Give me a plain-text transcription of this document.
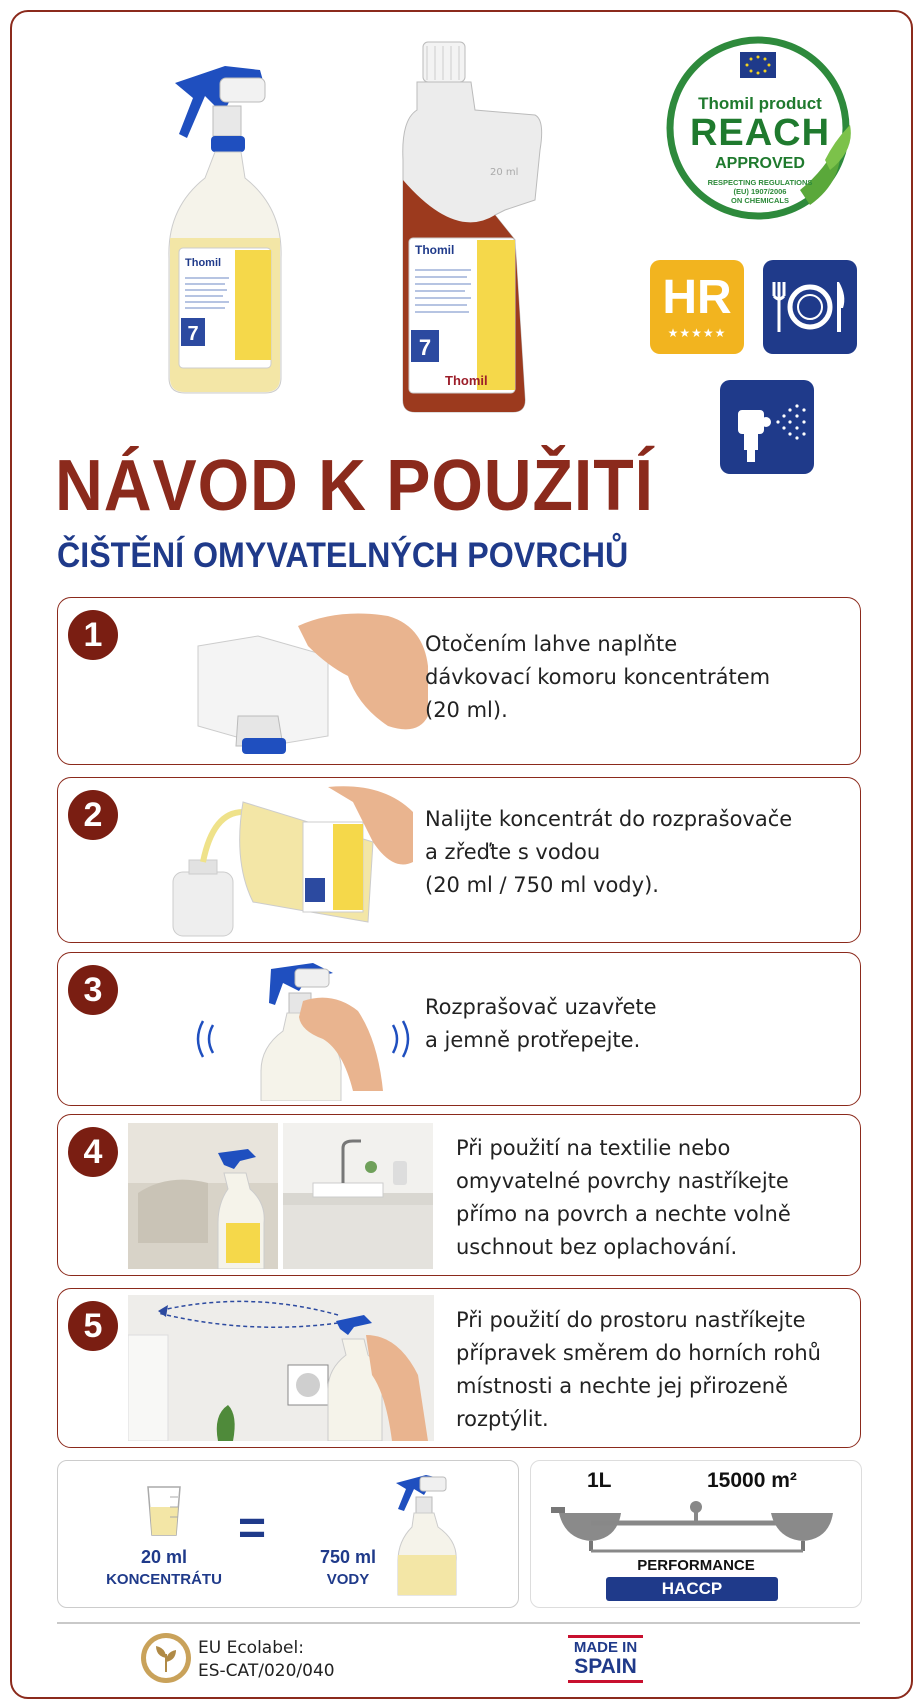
7
Thomil
20 ml
7
Thomil
Thomil
Thomil product
REACH
APPROVED
RESPECTING REGULATIONS
(EU) 1907/2006
ON CHEMICALS
HR
★★★★★
NÁVOD K POUŽITÍ
ČIŠTĚNÍ OMYVATELNÝCH POVRCHŮ
1	Otočením lahve naplňte
dávkovací komoru koncentrátem
(20 ml).
2	Nalijte koncentrát do rozprašovače
a zřeďte s vodou
(20 ml / 750 ml vody).
3	Rozprašovač uzavřete
a jemně protřepejte.
4	Při použití na textilie nebo
omyvatelné povrchy nastříkejte
přímo na povrch a nechte volně
uschnout bez oplachování.
5	Při použití do prostoru nastříkejte
přípravek směrem do horních rohů
místnosti a nechte jej přirozeně
rozptýlit.
20 ml
KONCENTRÁTU
=
750 ml
VODY
1L	15000 m²
PERFORMANCE
HACCP
EU Ecolabel:
ES-CAT/020/040
MADE IN
SPAIN
